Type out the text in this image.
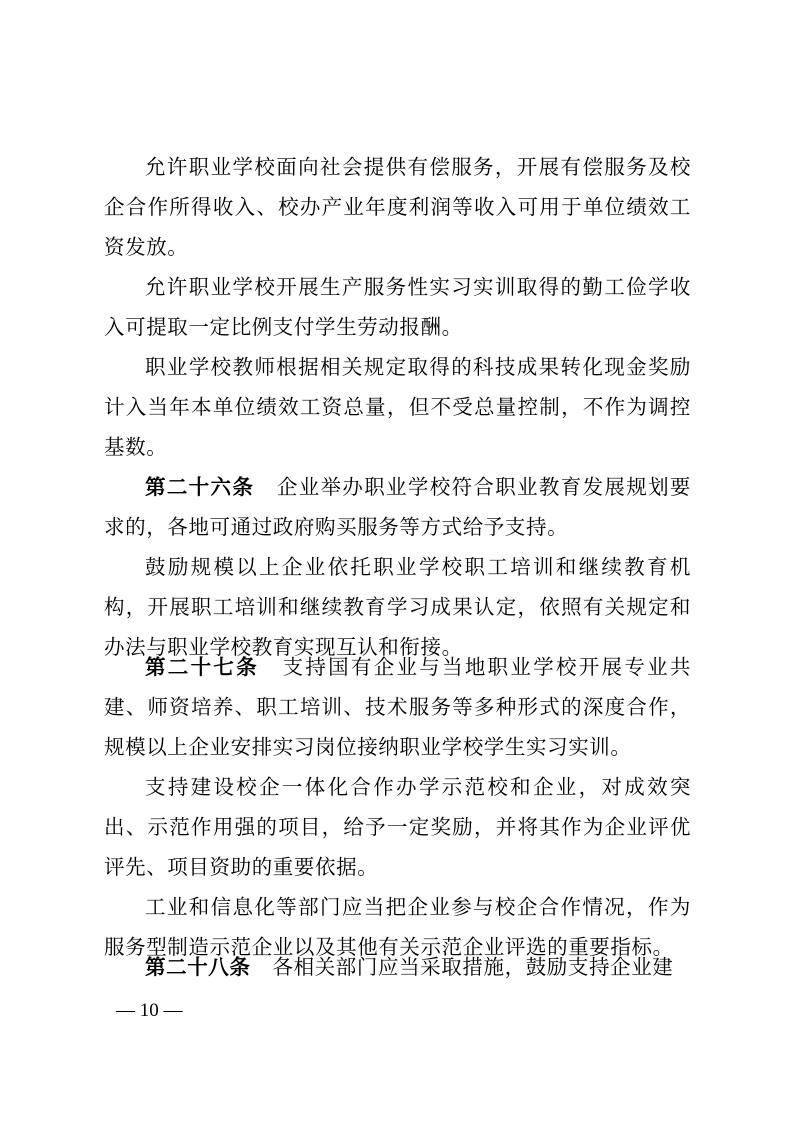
允许职业学校面向社会提供有偿服务，开展有偿服务及校企合作所得收入、校办产业年度利润等收入可用于单位绩效工资发放。

允许职业学校开展生产服务性实习实训取得的勤工俭学收入可提取一定比例支付学生劳动报酬。

职业学校教师根据相关规定取得的科技成果转化现金奖励计入当年本单位绩效工资总量，但不受总量控制，不作为调控基数。

第二十六条 企业举办职业学校符合职业教育发展规划要求的，各地可通过政府购买服务等方式给予支持。

鼓励规模以上企业依托职业学校职工培训和继续教育机构，开展职工培训和继续教育学习成果认定，依照有关规定和办法与职业学校教育实现互认和衔接。

第二十七条 支持国有企业与当地职业学校开展专业共建、师资培养、职工培训、技术服务等多种形式的深度合作，规模以上企业安排实习岗位接纳职业学校学生实习实训。

支持建设校企一体化合作办学示范校和企业，对成效突出、示范作用强的项目，给予一定奖励，并将其作为企业评优评先、项目资助的重要依据。

工业和信息化等部门应当把企业参与校企合作情况，作为服务型制造示范企业以及其他有关示范企业评选的重要指标。

第二十八条 各相关部门应当采取措施，鼓励支持企业建

— 10 —
